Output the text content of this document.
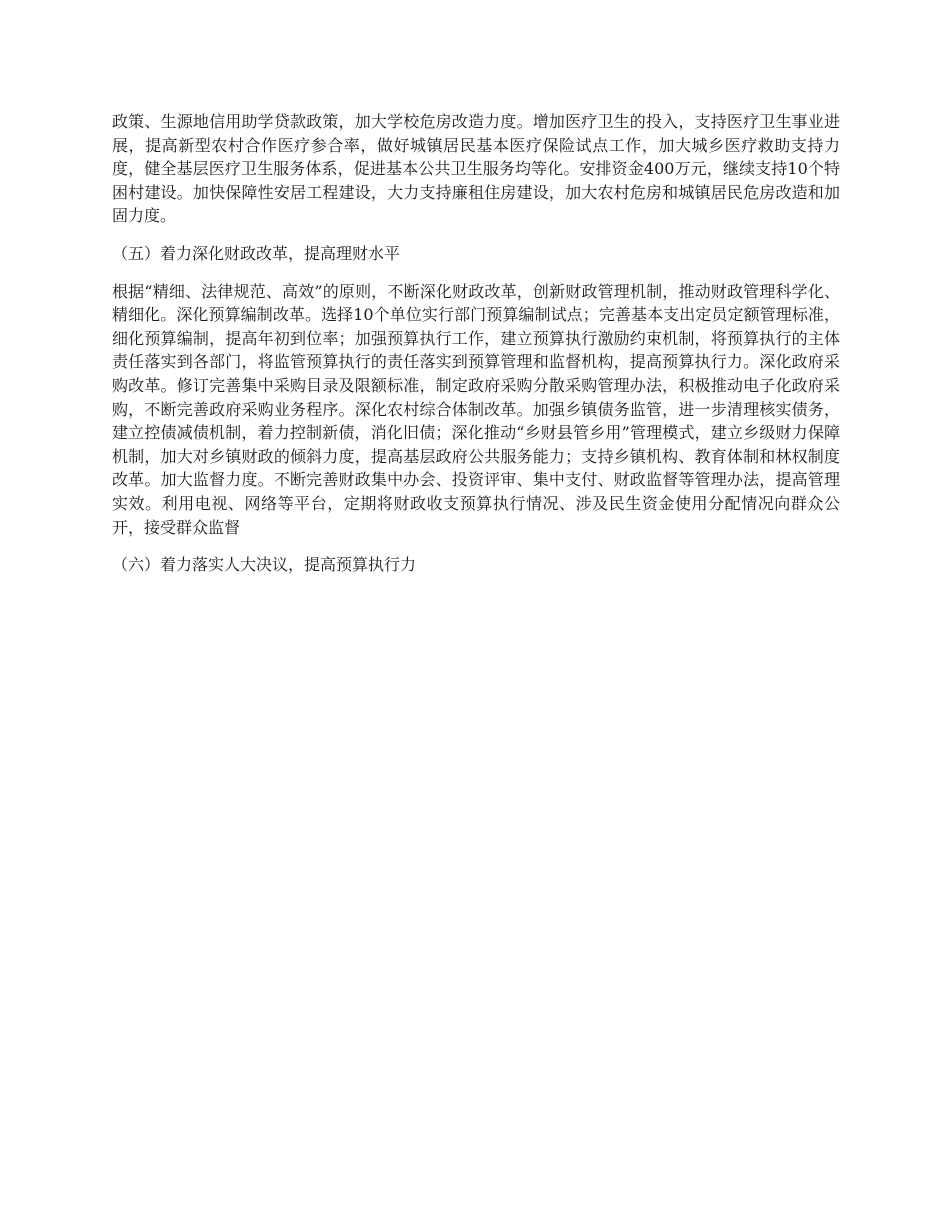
政策、生源地信用助学贷款政策，加大学校危房改造力度。增加医疗卫生的投入，支持医疗卫生事业进展，提高新型农村合作医疗参合率，做好城镇居民基本医疗保险试点工作，加大城乡医疗救助支持力度，健全基层医疗卫生服务体系，促进基本公共卫生服务均等化。安排资金400万元，继续支持10个特困村建设。加快保障性安居工程建设，大力支持廉租住房建设，加大农村危房和城镇居民危房改造和加固力度。

（五）着力深化财政改革，提高理财水平

根据“精细、法律规范、高效”的原则，不断深化财政改革，创新财政管理机制，推动财政管理科学化、精细化。深化预算编制改革。选择10个单位实行部门预算编制试点；完善基本支出定员定额管理标准，细化预算编制，提高年初到位率；加强预算执行工作，建立预算执行激励约束机制，将预算执行的主体责任落实到各部门，将监管预算执行的责任落实到预算管理和监督机构，提高预算执行力。深化政府采购改革。修订完善集中采购目录及限额标准，制定政府采购分散采购管理办法，积极推动电子化政府采购，不断完善政府采购业务程序。深化农村综合体制改革。加强乡镇债务监管，进一步清理核实债务，建立控债减债机制，着力控制新债，消化旧债；深化推动“乡财县管乡用”管理模式，建立乡级财力保障机制，加大对乡镇财政的倾斜力度，提高基层政府公共服务能力；支持乡镇机构、教育体制和林权制度改革。加大监督力度。不断完善财政集中办会、投资评审、集中支付、财政监督等管理办法，提高管理实效。利用电视、网络等平台，定期将财政收支预算执行情况、涉及民生资金使用分配情况向群众公开，接受群众监督

（六）着力落实人大决议，提高预算执行力
